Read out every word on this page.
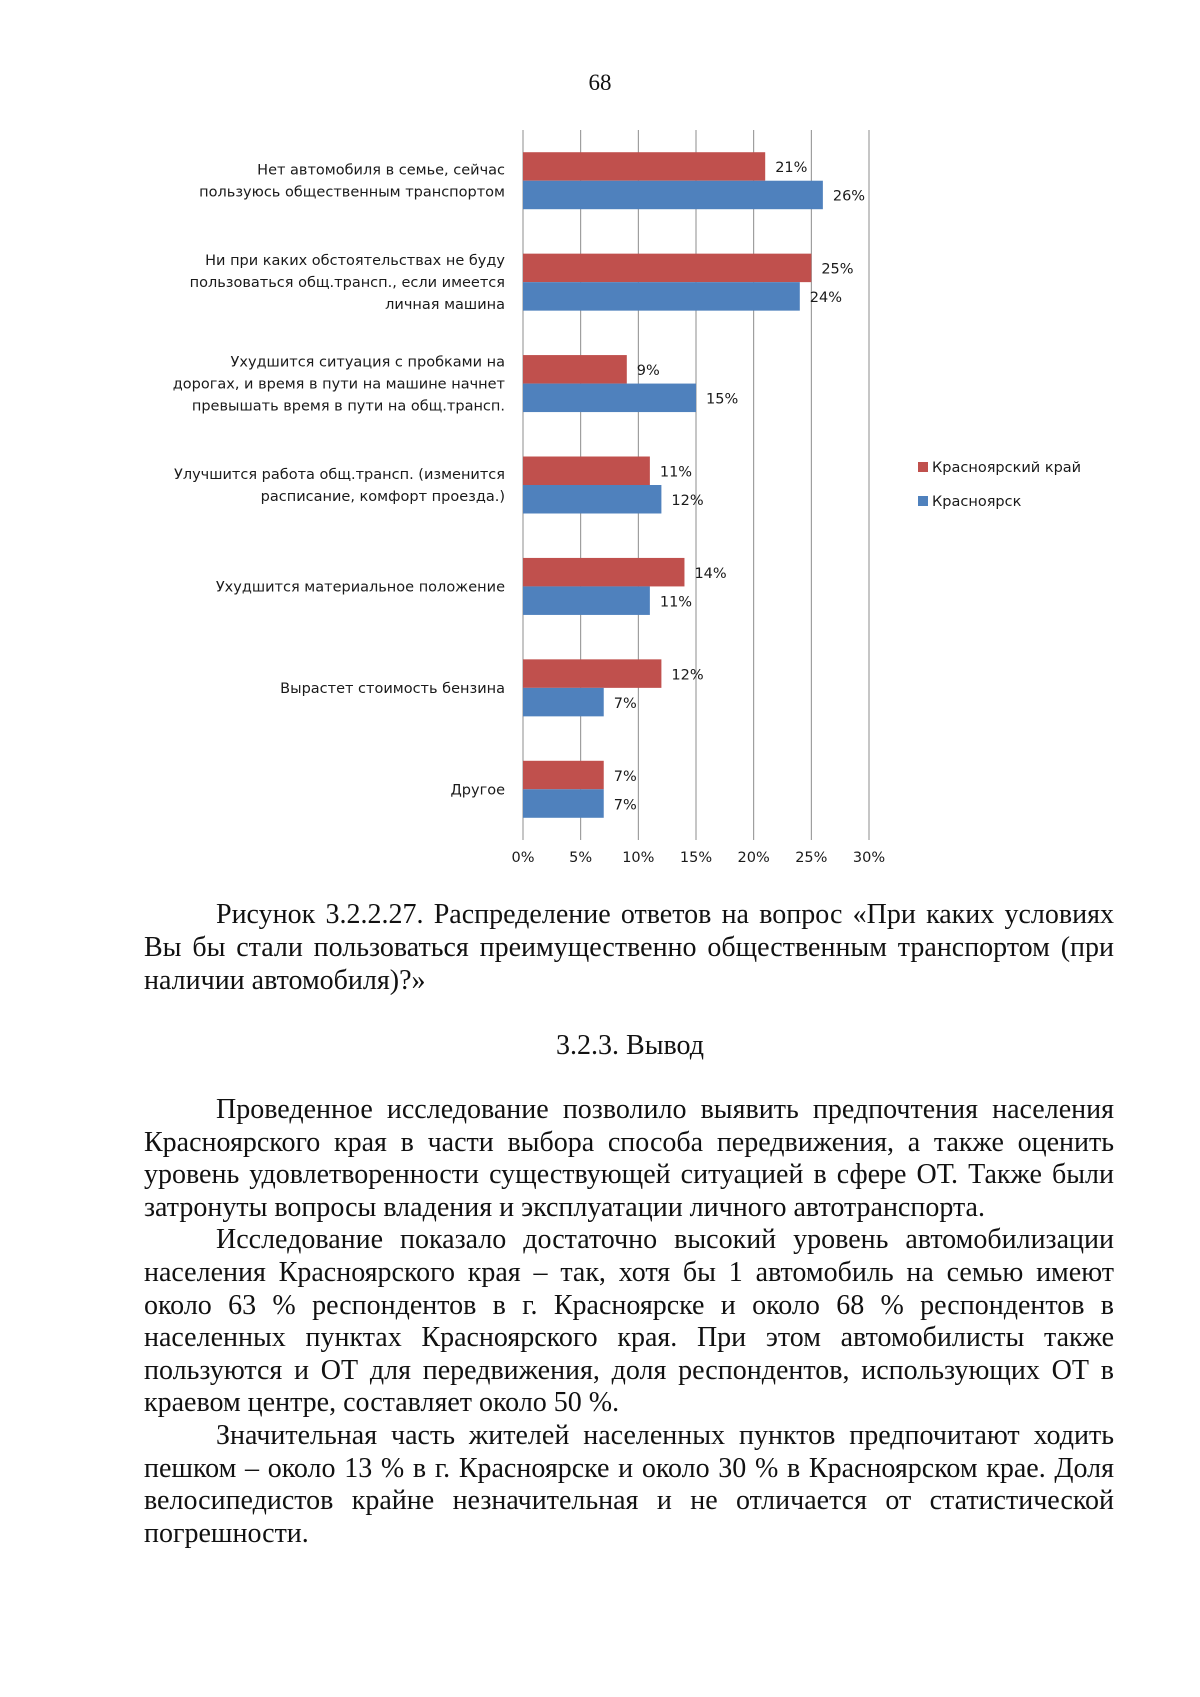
68
21%
26%
25%
24%
9%
15%
11%
12%
14%
11%
12%
7%
7%
7%
Нет автомобиля в семье, сейчас пользуюсь общественным транспортом
Ни при каких обстоятельствах не буду пользоваться общ.трансп., если имеется личная машина
Ухудшится ситуация с пробками на дорогах, и время в пути на машине начнет превышать время в пути на общ.трансп.
Улучшится работа общ.трансп. (изменится расписание, комфорт проезда.)
Ухудшится материальное положение
Вырастет стоимость бензина
Другое
0% 5% 10% 15% 20% 25% 30%
Красноярский край
Красноярск
Рисунок 3.2.2.27. Распределение ответов на вопрос «При каких условиях Вы бы стали пользоваться преимущественно общественным транспортом (при наличии автомобиля)?»
3.2.3. Вывод

Проведенное исследование позволило выявить предпочтения населения Красноярского края в части выбора способа передвижения, а также оценить уровень удовлетворенности существующей ситуацией в сфере ОТ. Также были затронуты вопросы владения и эксплуатации личного автотранспорта.

Исследование показало достаточно высокий уровень автомобилизации населения Красноярского края – так, хотя бы 1 автомобиль на семью имеют около 63 % респондентов в г. Красноярске и около 68 % респондентов в населенных пунктах Красноярского края. При этом автомобилисты также пользуются и ОТ для передвижения, доля респондентов, использующих ОТ в краевом центре, составляет около 50 %.

Значительная часть жителей населенных пунктов предпочитают ходить пешком – около 13 % в г. Красноярске и около 30 % в Красноярском крае. Доля велосипедистов крайне незначительная и не отличается от статистической погрешности.
